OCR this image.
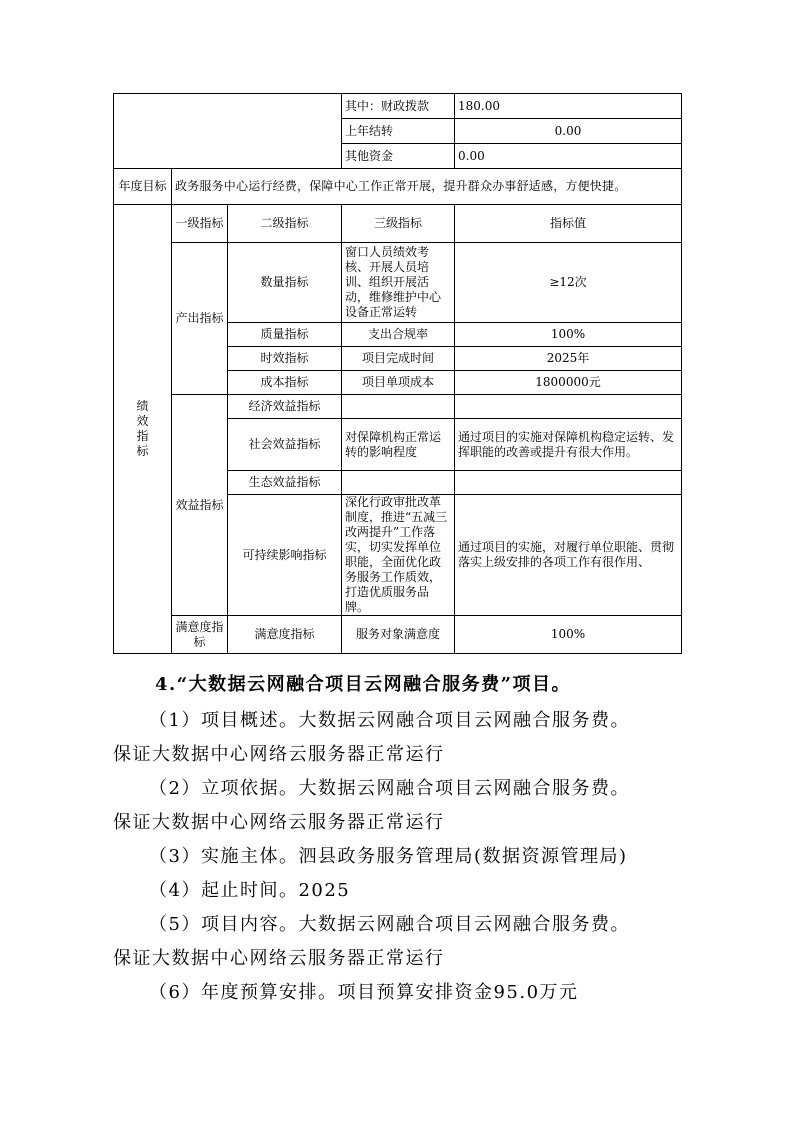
			其中：财政拨款	180.00
			上年结转	0.00
			其他资金	0.00
年度目标	政务服务中心运行经费，保障中心工作正常开展，提升群众办事舒适感，方便快捷。			

绩效指标	一级指标	二级指标	三级指标	指标值
	产出指标	数量指标	窗口人员绩效考核、开展人员培训、组织开展活动，维修维护中心设备正常运转	≥12次
		质量指标	支出合规率	100%
		时效指标	项目完成时间	2025年
		成本指标	项目单项成本	1800000元
	效益指标	经济效益指标		
		社会效益指标	对保障机构正常运转的影响程度	通过项目的实施对保障机构稳定运转、发挥职能的改善或提升有很大作用。
		生态效益指标		
		可持续影响指标	深化行政审批改革制度，推进“五减三改两提升”工作落实，切实发挥单位职能，全面优化政务服务工作质效，打造优质服务品牌。	通过项目的实施，对履行单位职能、贯彻落实上级安排的各项工作有很作用、
	满意度指标	满意度指标	服务对象满意度	100%

4.“大数据云网融合项目云网融合服务费”项目。

（1）项目概述。大数据云网融合项目云网融合服务费。

保证大数据中心网络云服务器正常运行

（2）立项依据。大数据云网融合项目云网融合服务费。

保证大数据中心网络云服务器正常运行

（3）实施主体。泗县政务服务管理局(数据资源管理局)

（4）起止时间。2025

（5）项目内容。大数据云网融合项目云网融合服务费。

保证大数据中心网络云服务器正常运行

（6）年度预算安排。项目预算安排资金95.0万元
